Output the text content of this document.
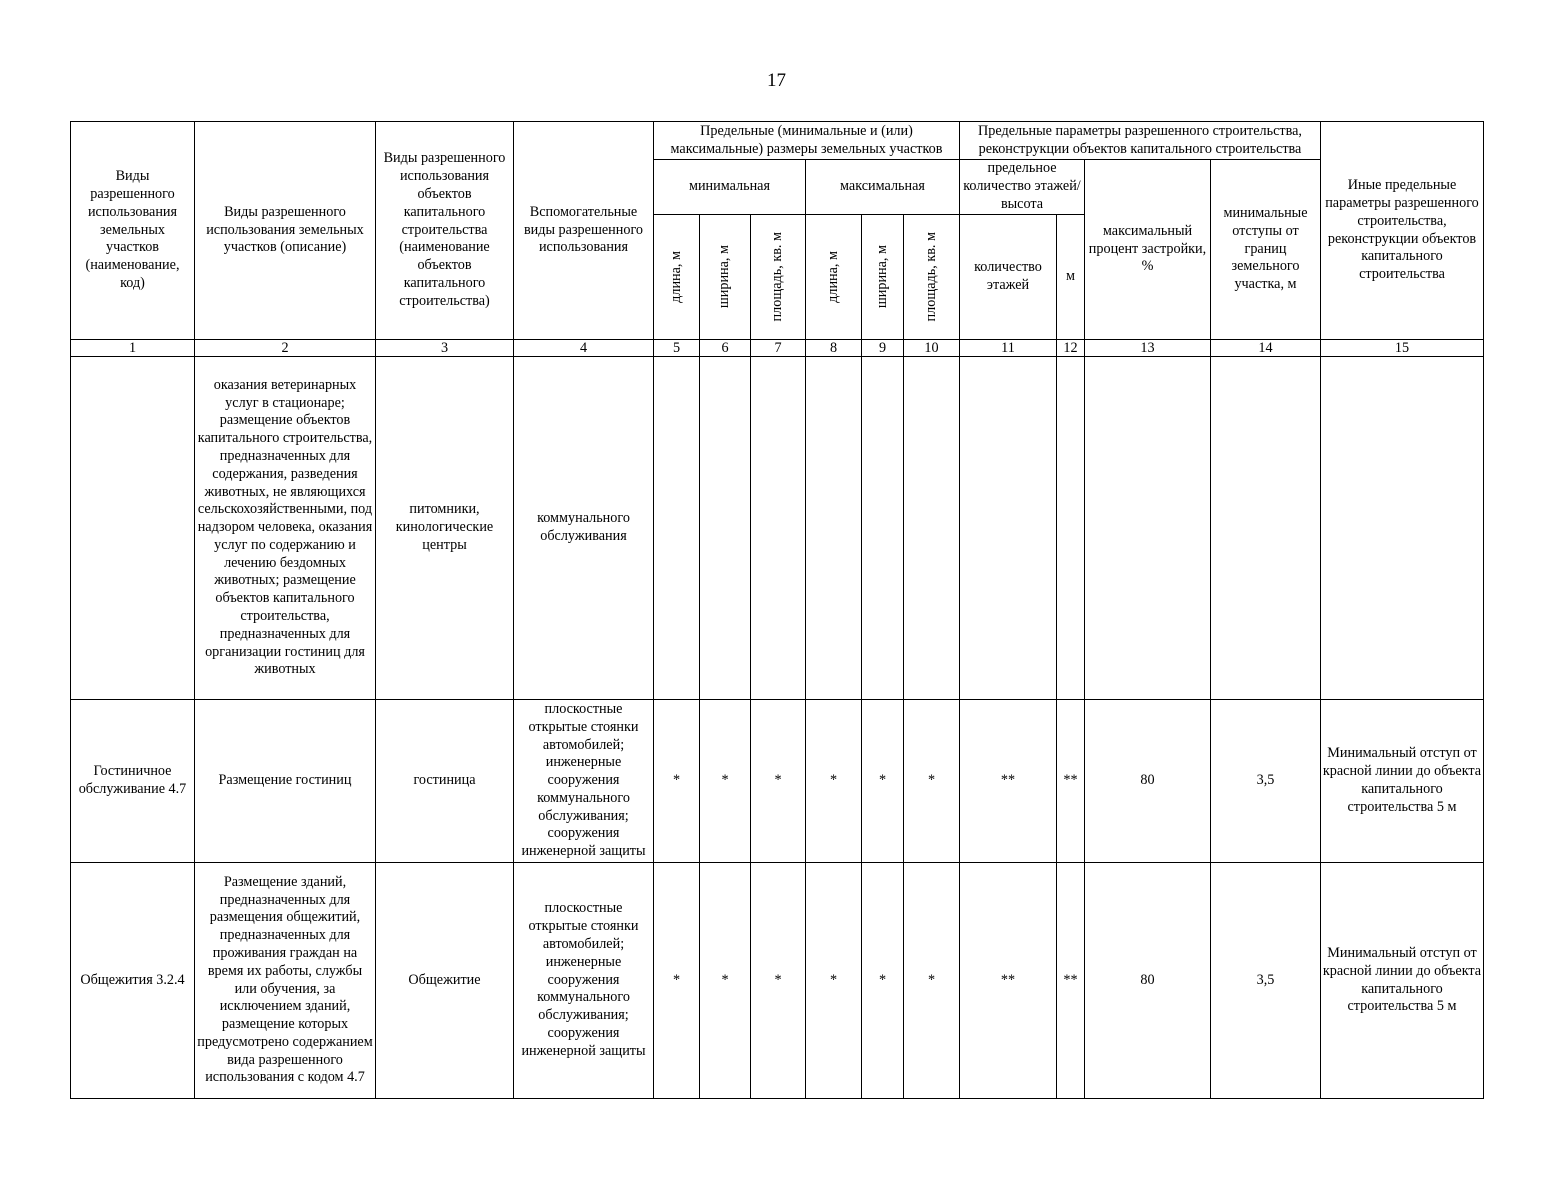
17
Виды разрешенного использования земельных участков (наименование, код)	Виды разрешенного использования земельных участков (описание)	Виды разрешенного использования объектов капитального строительства (наименование объектов капитального строительства)	Вспомогательные виды разрешенного использования	Предельные (минимальные и (или) максимальные) размеры земельных участков						Предельные параметры разрешенного строительства, реконструкции объектов капитального строительства				Иные предельные параметры разрешенного строительства, реконструкции объектов капитального строительства
				минимальная			максимальная			предельное количество этажей/высота		максимальный процент застройки, %	минимальные отступы от границ земельного участка, м	

				длина, м	ширина, м	площадь, кв. м	длина, м	ширина, м	площадь, кв. м	количество этажей	м			
1	2	3	4	5	6	7	8	9	10	11	12	13	14	15
	оказания ветеринарных услуг в стационаре; размещение объектов капитального строительства, предназначенных для содержания, разведения животных, не являющихся сельскохозяйственными, под надзором человека, оказания услуг по содержанию и лечению бездомных животных; размещение объектов капитального строительства, предназначенных для организации гостиниц для животных	питомники, кинологические центры	коммунального обслуживания											
Гостиничное обслуживание 4.7	Размещение гостиниц	гостиница	плоскостные открытые стоянки автомобилей; инженерные сооружения коммунального обслуживания; сооружения инженерной защиты	*	*	*	*	*	*	**	**	80	3,5	Минимальный отступ от красной линии до объекта капитального строительства 5 м
Общежития 3.2.4	Размещение зданий, предназначенных для размещения общежитий, предназначенных для проживания граждан на время их работы, службы или обучения, за исключением зданий, размещение которых предусмотрено содержанием вида разрешенного использования с кодом 4.7	Общежитие	плоскостные открытые стоянки автомобилей; инженерные сооружения коммунального обслуживания; сооружения инженерной защиты	*	*	*	*	*	*	**	**	80	3,5	Минимальный отступ от красной линии до объекта капитального строительства 5 м
